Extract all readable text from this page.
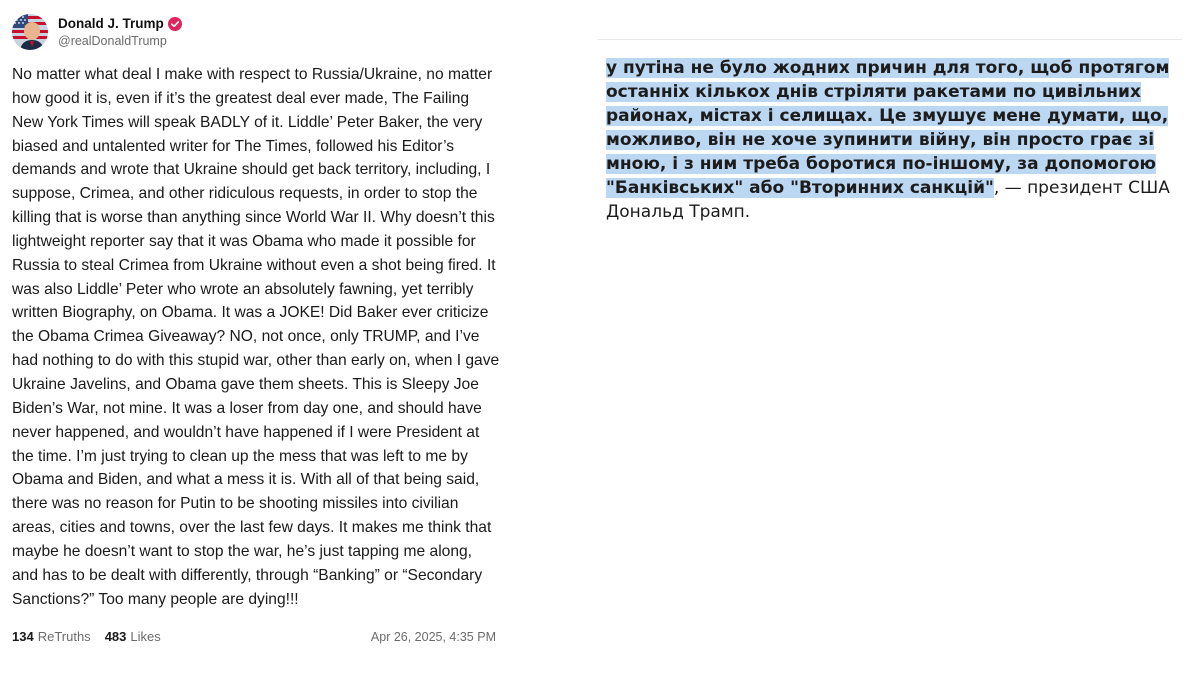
Donald J. Trump
@realDonaldTrump
No matter what deal I make with respect to Russia/Ukraine, no matter how good it is, even if it’s the greatest deal ever made, The Failing New York Times will speak BADLY of it. Liddle’ Peter Baker, the very biased and untalented writer for The Times, followed his Editor’s demands and wrote that Ukraine should get back territory, including, I suppose, Crimea, and other ridiculous requests, in order to stop the killing that is worse than anything since World War II. Why doesn’t this lightweight reporter say that it was Obama who made it possible for Russia to steal Crimea from Ukraine without even a shot being fired. It was also Liddle’ Peter who wrote an absolutely fawning, yet terribly written Biography, on Obama. It was a JOKE! Did Baker ever criticize the Obama Crimea Giveaway? NO, not once, only TRUMP, and I’ve had nothing to do with this stupid war, other than early on, when I gave Ukraine Javelins, and Obama gave them sheets. This is Sleepy Joe Biden’s War, not mine. It was a loser from day one, and should have never happened, and wouldn’t have happened if I were President at the time. I’m just trying to clean up the mess that was left to me by Obama and Biden, and what a mess it is. With all of that being said, there was no reason for Putin to be shooting missiles into civilian areas, cities and towns, over the last few days. It makes me think that maybe he doesn’t want to stop the war, he’s just tapping me along, and has to be dealt with differently, through “Banking” or “Secondary Sanctions?” Too many people are dying!!!
134 ReTruths 483 Likes	Apr 26, 2025, 4:35 PM
у путіна не було жодних причин для того, щоб протягом останніх кількох днів стріляти ракетами по цивільних районах, містах і селищах. Це змушує мене думати, що, можливо, він не хоче зупинити війну, він просто грає зі мною, і з ним треба боротися по-іншому, за допомогою "Банківських" або "Вторинних санкцій", — президент США Дональд Трамп.
